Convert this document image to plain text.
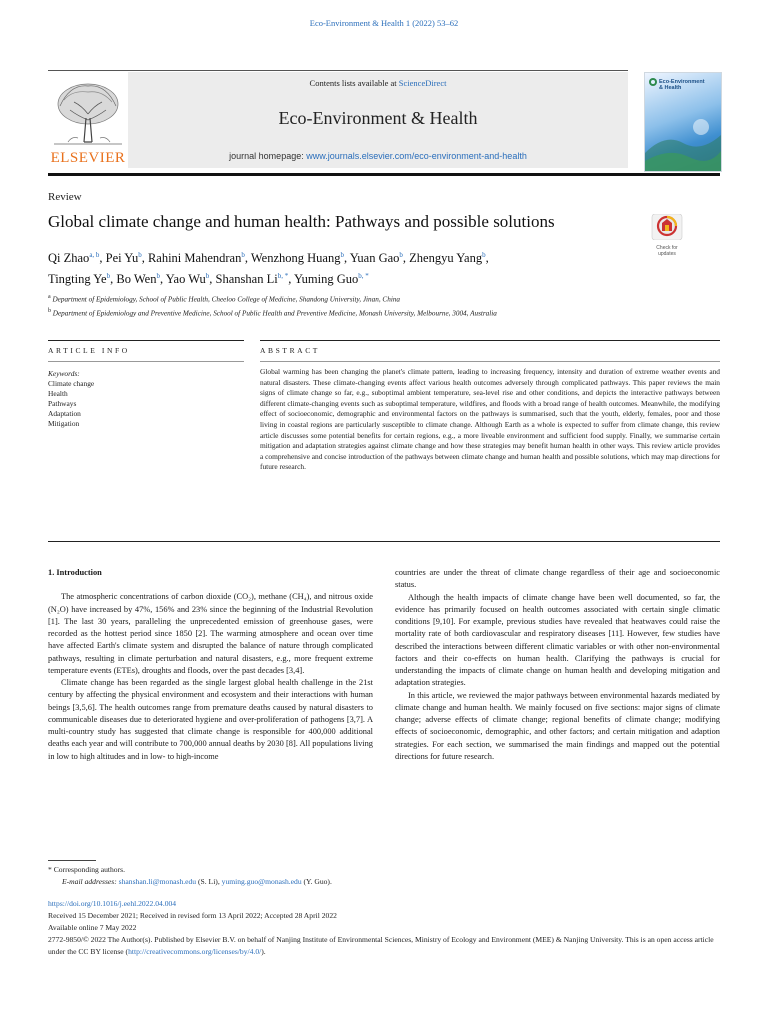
Eco-Environment & Health 1 (2022) 53–62
ELSEVIER
Contents lists available at ScienceDirect
Eco-Environment & Health
journal homepage: www.journals.elsevier.com/eco-environment-and-health
Eco-Environment
& Health
Review
Global climate change and human health: Pathways and possible solutions
Check for
updates
Qi Zhao$^{a, b}$, Pei Yu$^b$, Rahini Mahendran$^b$, Wenzhong Huang$^b$, Yuan Gao$^b$, Zhengyu Yang$^b$,
Tingting Ye$^b$, Bo Wen$^b$, Yao Wu$^b$, Shanshan $Li^{b, *}$, Yuming Guo$^{b, *}$
$^a$ Department of Epidemiology, School of Public Health, Cheeloo College of Medicine, Shandong University, Jinan, China
$^b$ Department of Epidemiology and Preventive Medicine, School of Public Health and Preventive Medicine, Monash University, Melbourne, 3004, Australia
ARTICLE INFO	ABSTRACT
Keywords:
Climate change
Health
Pathways
Adaptation
Mitigation
Global warming has been changing the planet's climate pattern, leading to increasing frequency, intensity and duration of extreme weather events and natural disasters. These climate-changing events affect various health outcomes adversely through complicated pathways. This paper reviews the main signs of climate change so far, e.g., suboptimal ambient temperature, sea-level rise and other conditions, and depicts the interactive pathways between different climate-changing events such as suboptimal temperature, wildfires, and floods with a broad range of health outcomes. Meanwhile, the modifying effect of socioeconomic, demographic and environmental factors on the pathways is summarised, such that the youth, elderly, females, poor and those living in coastal regions are particularly susceptible to climate change. Although Earth as a whole is expected to suffer from climate change, this review article discusses some potential benefits for certain regions, e.g., a more liveable environment and sufficient food supply. Finally, we summarise certain mitigation and adaptation strategies against climate change and how these strategies may benefit human health in other ways. This review article provides a comprehensive and concise introduction of the pathways between climate change and human health and possible solutions, which may map directions for future research.

1. Introduction

The atmospheric concentrations of carbon dioxide (CO₂), methane (CH₄), and nitrous oxide (N₂O) have increased by 47%, 156% and 23% since the beginning of the Industrial Revolution [1]. The last 30 years, paralleling the unprecedented emission of greenhouse gases, were recorded as the hottest period since 1850 [2]. The warming atmosphere and ocean over time have affected Earth's climate system and disrupted the balance of nature through complicated pathways, resulting in climate perturbation and natural disasters, e.g., more frequent extreme temperature events (ETEs), droughts and floods, over the past decades [3,4].

Climate change has been regarded as the single largest global health challenge in the 21st century by affecting the physical environment and ecosystem and their interactions with human beings [3,5,6]. The health outcomes range from premature deaths caused by natural disasters to communicable diseases due to deteriorated hygiene and over-proliferation of pathogens [3,7]. A multi-country study has suggested that climate change is responsible for 400,000 additional deaths each year and will contribute to 700,000 annual deaths by 2030 [8]. All populations living in low to high altitudes and in low- to high-income

countries are under the threat of climate change regardless of their age and socioeconomic status.

Although the health impacts of climate change have been well documented, so far, the evidence has primarily focused on health outcomes associated with certain single climatic conditions [9,10]. For example, previous studies have revealed that heatwaves could raise the mortality rate of both cardiovascular and respiratory diseases [11]. However, few studies have described the interactions between different climatic variables or with other non-environmental factors and their co-effects on human health. Clarifying the pathways is crucial for understanding the impacts of climate change on human health and developing mitigation and adaptation strategies.

In this article, we reviewed the major pathways between environmental hazards mediated by climate change and human health. We mainly focused on five sections: major signs of climate change; adverse effects of climate change; regional benefits of climate change; modifying effects of socioeconomic, demographic, and other factors; and certain mitigation and adaption strategies. For each section, we summarised the main findings and mapped out the potential directions for future research.

* Corresponding authors.
E-mail addresses: shanshan.li@monash.edu (S. Li), yuming.guo@monash.edu (Y. Guo).
https://doi.org/10.1016/j.eehl.2022.04.004
Received 15 December 2021; Received in revised form 13 April 2022; Accepted 28 April 2022
Available online 7 May 2022
2772-9850/© 2022 The Author(s). Published by Elsevier B.V. on behalf of Nanjing Institute of Environmental Sciences, Ministry of Ecology and Environment (MEE) & Nanjing University. This is an open access article under the CC BY license (http://creativecommons.org/licenses/by/4.0/).
